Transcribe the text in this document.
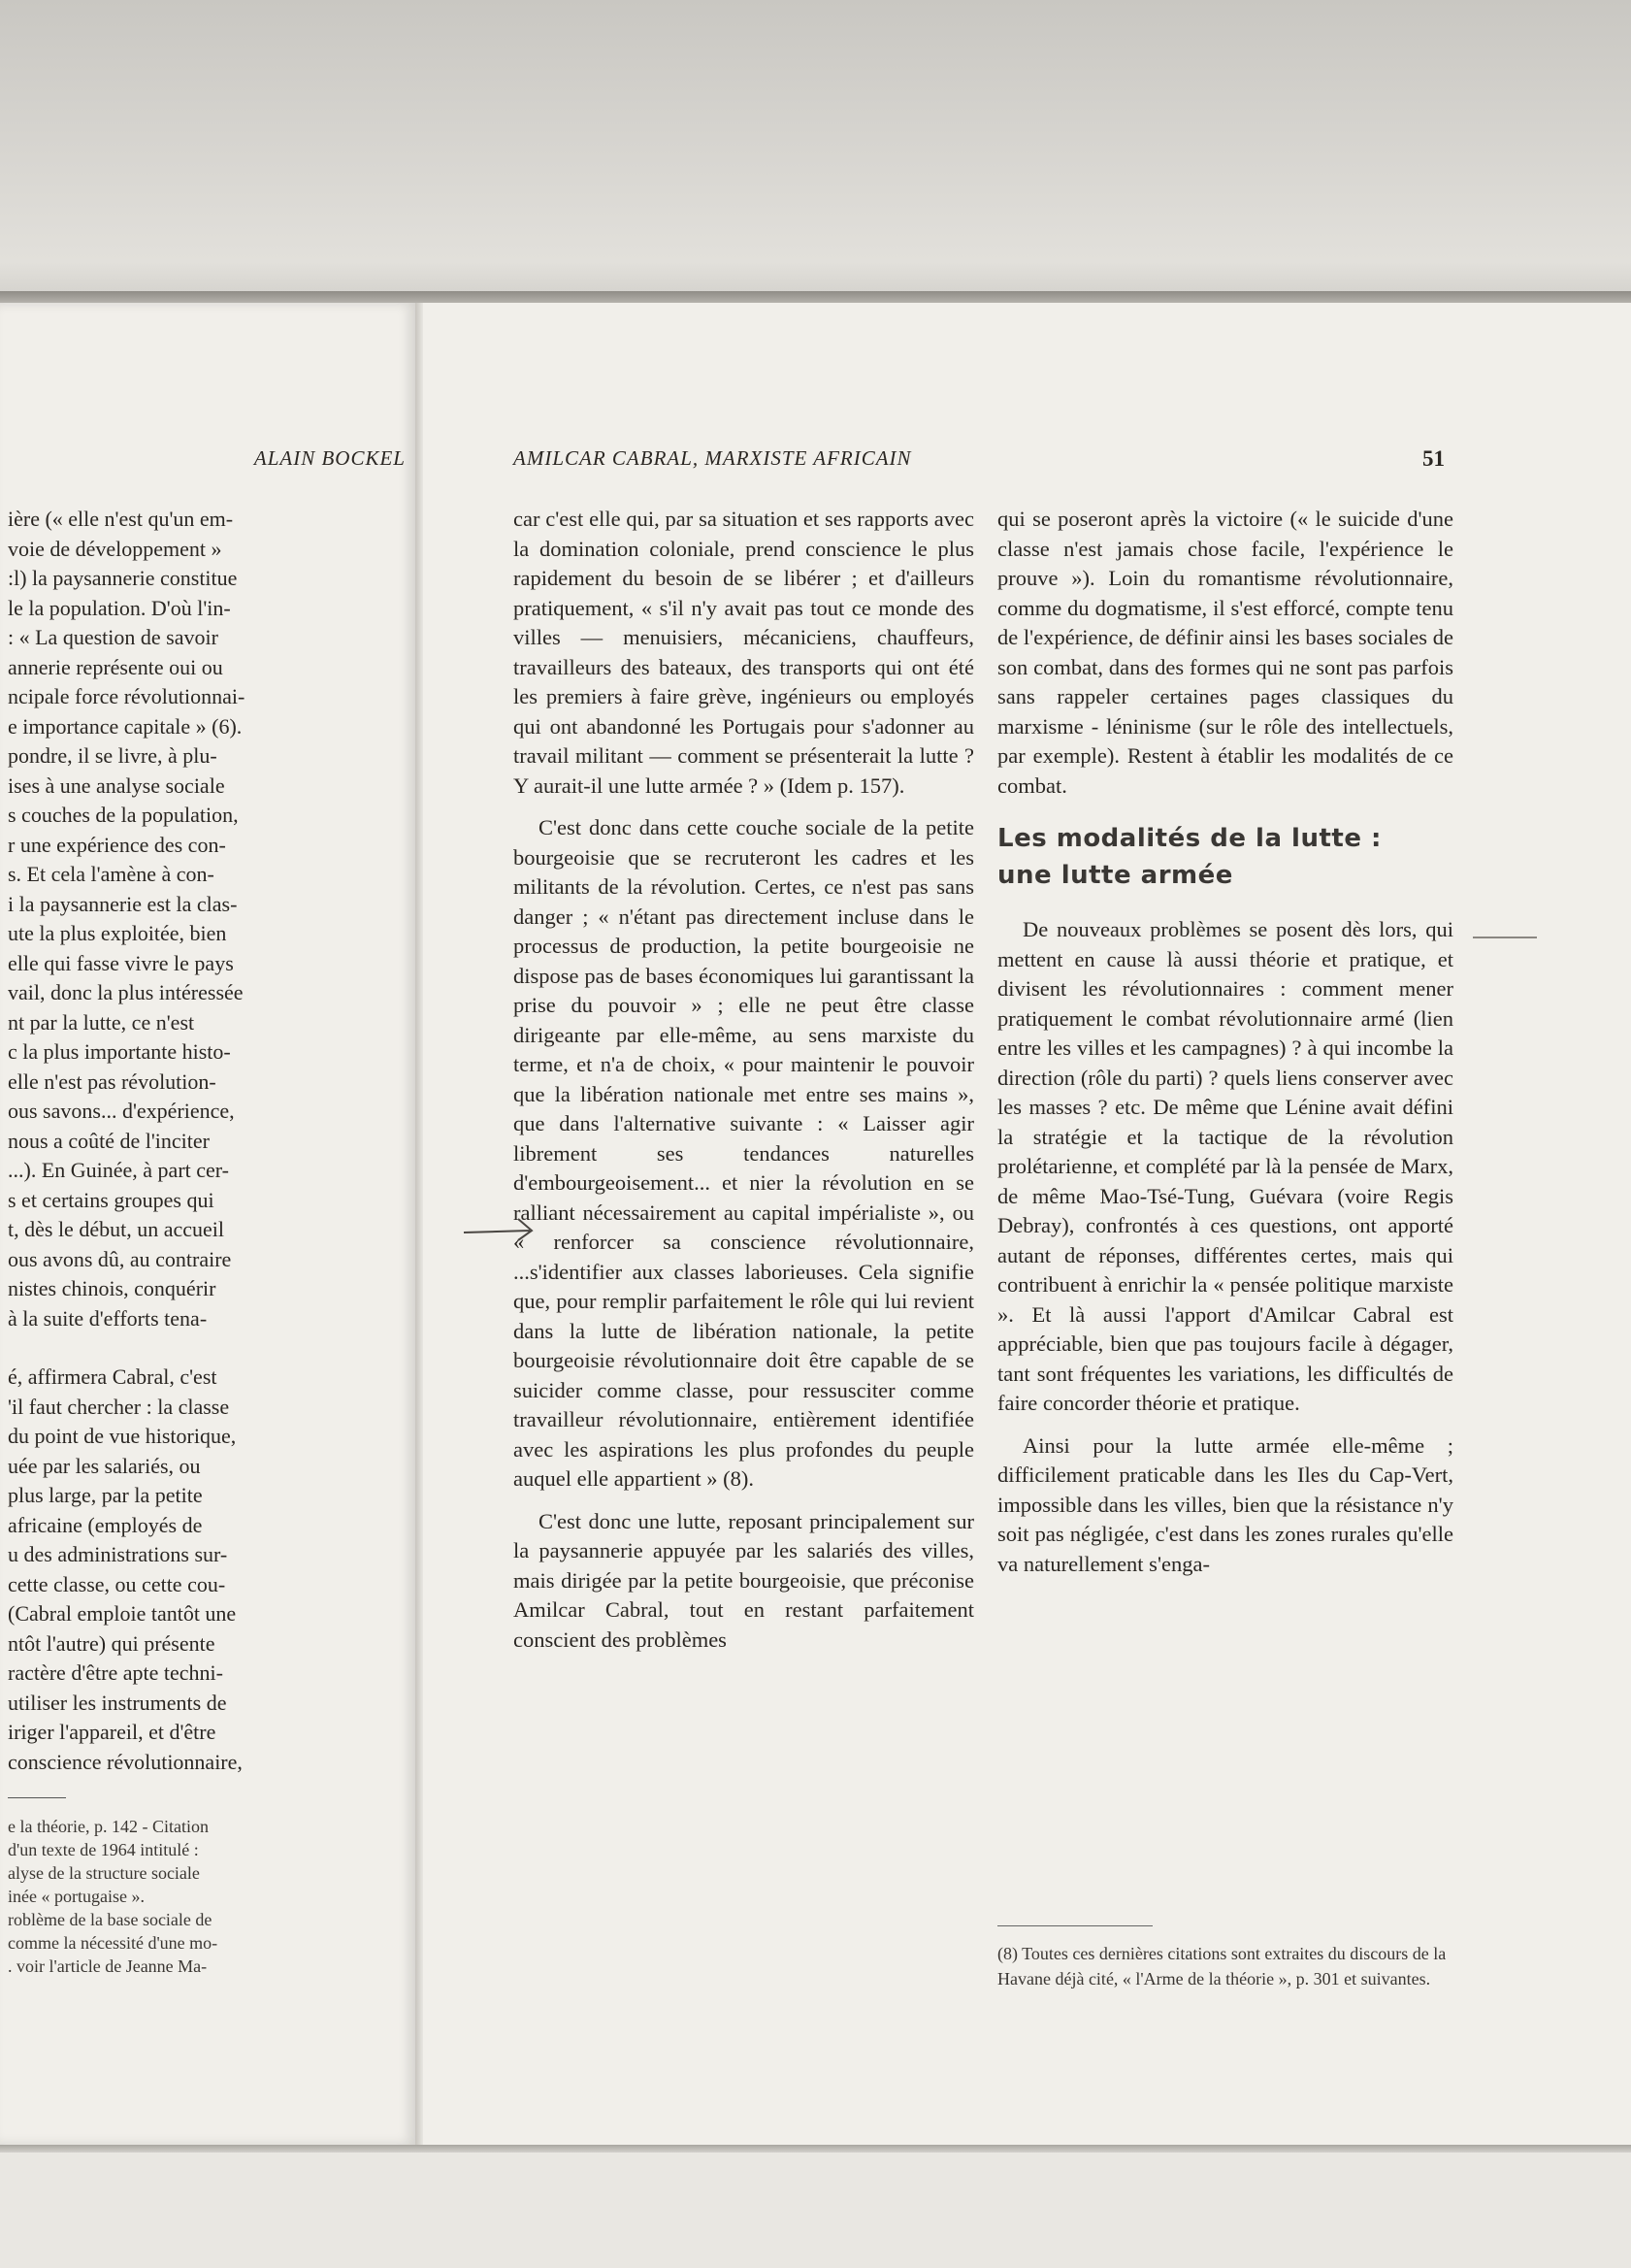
ALAIN BOCKEL

ière (« elle n'est qu'un em-
voie de développement »
:l) la paysannerie constitue
le la population. D'où l'in-
: « La question de savoir
annerie représente oui ou
ncipale force révolutionnai-
e importance capitale » (6).
pondre, il se livre, à plu-
ises à une analyse sociale
s couches de la population,
r une expérience des con-
s. Et cela l'amène à con-
i la paysannerie est la clas-
ute la plus exploitée, bien
elle qui fasse vivre le pays
vail, donc la plus intéressée
nt par la lutte, ce n'est
c la plus importante histo-
elle n'est pas révolution-
ous savons... d'expérience,
nous a coûté de l'inciter
...). En Guinée, à part cer-
s et certains groupes qui
t, dès le début, un accueil
ous avons dû, au contraire
nistes chinois, conquérir
à la suite d'efforts tena-

é, affirmera Cabral, c'est
'il faut chercher : la classe
du point de vue historique,
uée par les salariés, ou
plus large, par la petite
africaine (employés de
u des administrations sur-
cette classe, ou cette cou-
(Cabral emploie tantôt une
ntôt l'autre) qui présente
ractère d'être apte techni-
utiliser les instruments de
iriger l'appareil, et d'être
conscience révolutionnaire,

e la théorie, p. 142 - Citation
d'un texte de 1964 intitulé :
alyse de la structure sociale
inée « portugaise ».
roblème de la base sociale de
comme la nécessité d'une mo-
. voir l'article de Jeanne Ma-
AMILCAR CABRAL, MARXISTE AFRICAIN	51

car c'est elle qui, par sa situation et ses rapports avec la domination coloniale, prend conscience le plus rapidement du besoin de se libérer ; et d'ailleurs pratiquement, « s'il n'y avait pas tout ce monde des villes — menuisiers, mécaniciens, chauffeurs, travailleurs des bateaux, des transports qui ont été les premiers à faire grève, ingénieurs ou employés qui ont abandonné les Portugais pour s'adonner au travail militant — comment se présenterait la lutte ? Y aurait-il une lutte armée ? » (Idem p. 157).

C'est donc dans cette couche sociale de la petite bourgeoisie que se recruteront les cadres et les militants de la révolution. Certes, ce n'est pas sans danger ; « n'étant pas directement incluse dans le processus de production, la petite bourgeoisie ne dispose pas de bases économiques lui garantissant la prise du pouvoir » ; elle ne peut être classe dirigeante par elle-même, au sens marxiste du terme, et n'a de choix, « pour maintenir le pouvoir que la libération nationale met entre ses mains », que dans l'alternative suivante : « Laisser agir librement ses tendances naturelles d'embourgeoisement... et nier la révolution en se ralliant nécessairement au capital impérialiste », ou « renforcer sa conscience révolutionnaire, ...s'identifier aux classes laborieuses. Cela signifie que, pour remplir parfaitement le rôle qui lui revient dans la lutte de libération nationale, la petite bourgeoisie révolutionnaire doit être capable de se suicider comme classe, pour ressusciter comme travailleur révolutionnaire, entièrement identifiée avec les aspirations les plus profondes du peuple auquel elle appartient » (8).

C'est donc une lutte, reposant principalement sur la paysannerie appuyée par les salariés des villes, mais dirigée par la petite bourgeoisie, que préconise Amilcar Cabral, tout en restant parfaitement conscient des problèmes

qui se poseront après la victoire (« le suicide d'une classe n'est jamais chose facile, l'expérience le prouve »). Loin du romantisme révolutionnaire, comme du dogmatisme, il s'est efforcé, compte tenu de l'expérience, de définir ainsi les bases sociales de son combat, dans des formes qui ne sont pas parfois sans rappeler certaines pages classiques du marxisme - léninisme (sur le rôle des intellectuels, par exemple). Restent à établir les modalités de ce combat.

Les modalités de la lutte :
une lutte armée

De nouveaux problèmes se posent dès lors, qui mettent en cause là aussi théorie et pratique, et divisent les révolutionnaires : comment mener pratiquement le combat révolutionnaire armé (lien entre les villes et les campagnes) ? à qui incombe la direction (rôle du parti) ? quels liens conserver avec les masses ? etc. De même que Lénine avait défini la stratégie et la tactique de la révolution prolétarienne, et complété par là la pensée de Marx, de même Mao-Tsé-Tung, Guévara (voire Regis Debray), confrontés à ces questions, ont apporté autant de réponses, différentes certes, mais qui contribuent à enrichir la « pensée politique marxiste ». Et là aussi l'apport d'Amilcar Cabral est appréciable, bien que pas toujours facile à dégager, tant sont fréquentes les variations, les difficultés de faire concorder théorie et pratique.

Ainsi pour la lutte armée elle-même ; difficilement praticable dans les Iles du Cap-Vert, impossible dans les villes, bien que la résistance n'y soit pas négligée, c'est dans les zones rurales qu'elle va naturellement s'enga-

(8) Toutes ces dernières citations sont extraites du discours de la Havane déjà cité, « l'Arme de la théorie », p. 301 et suivantes.
